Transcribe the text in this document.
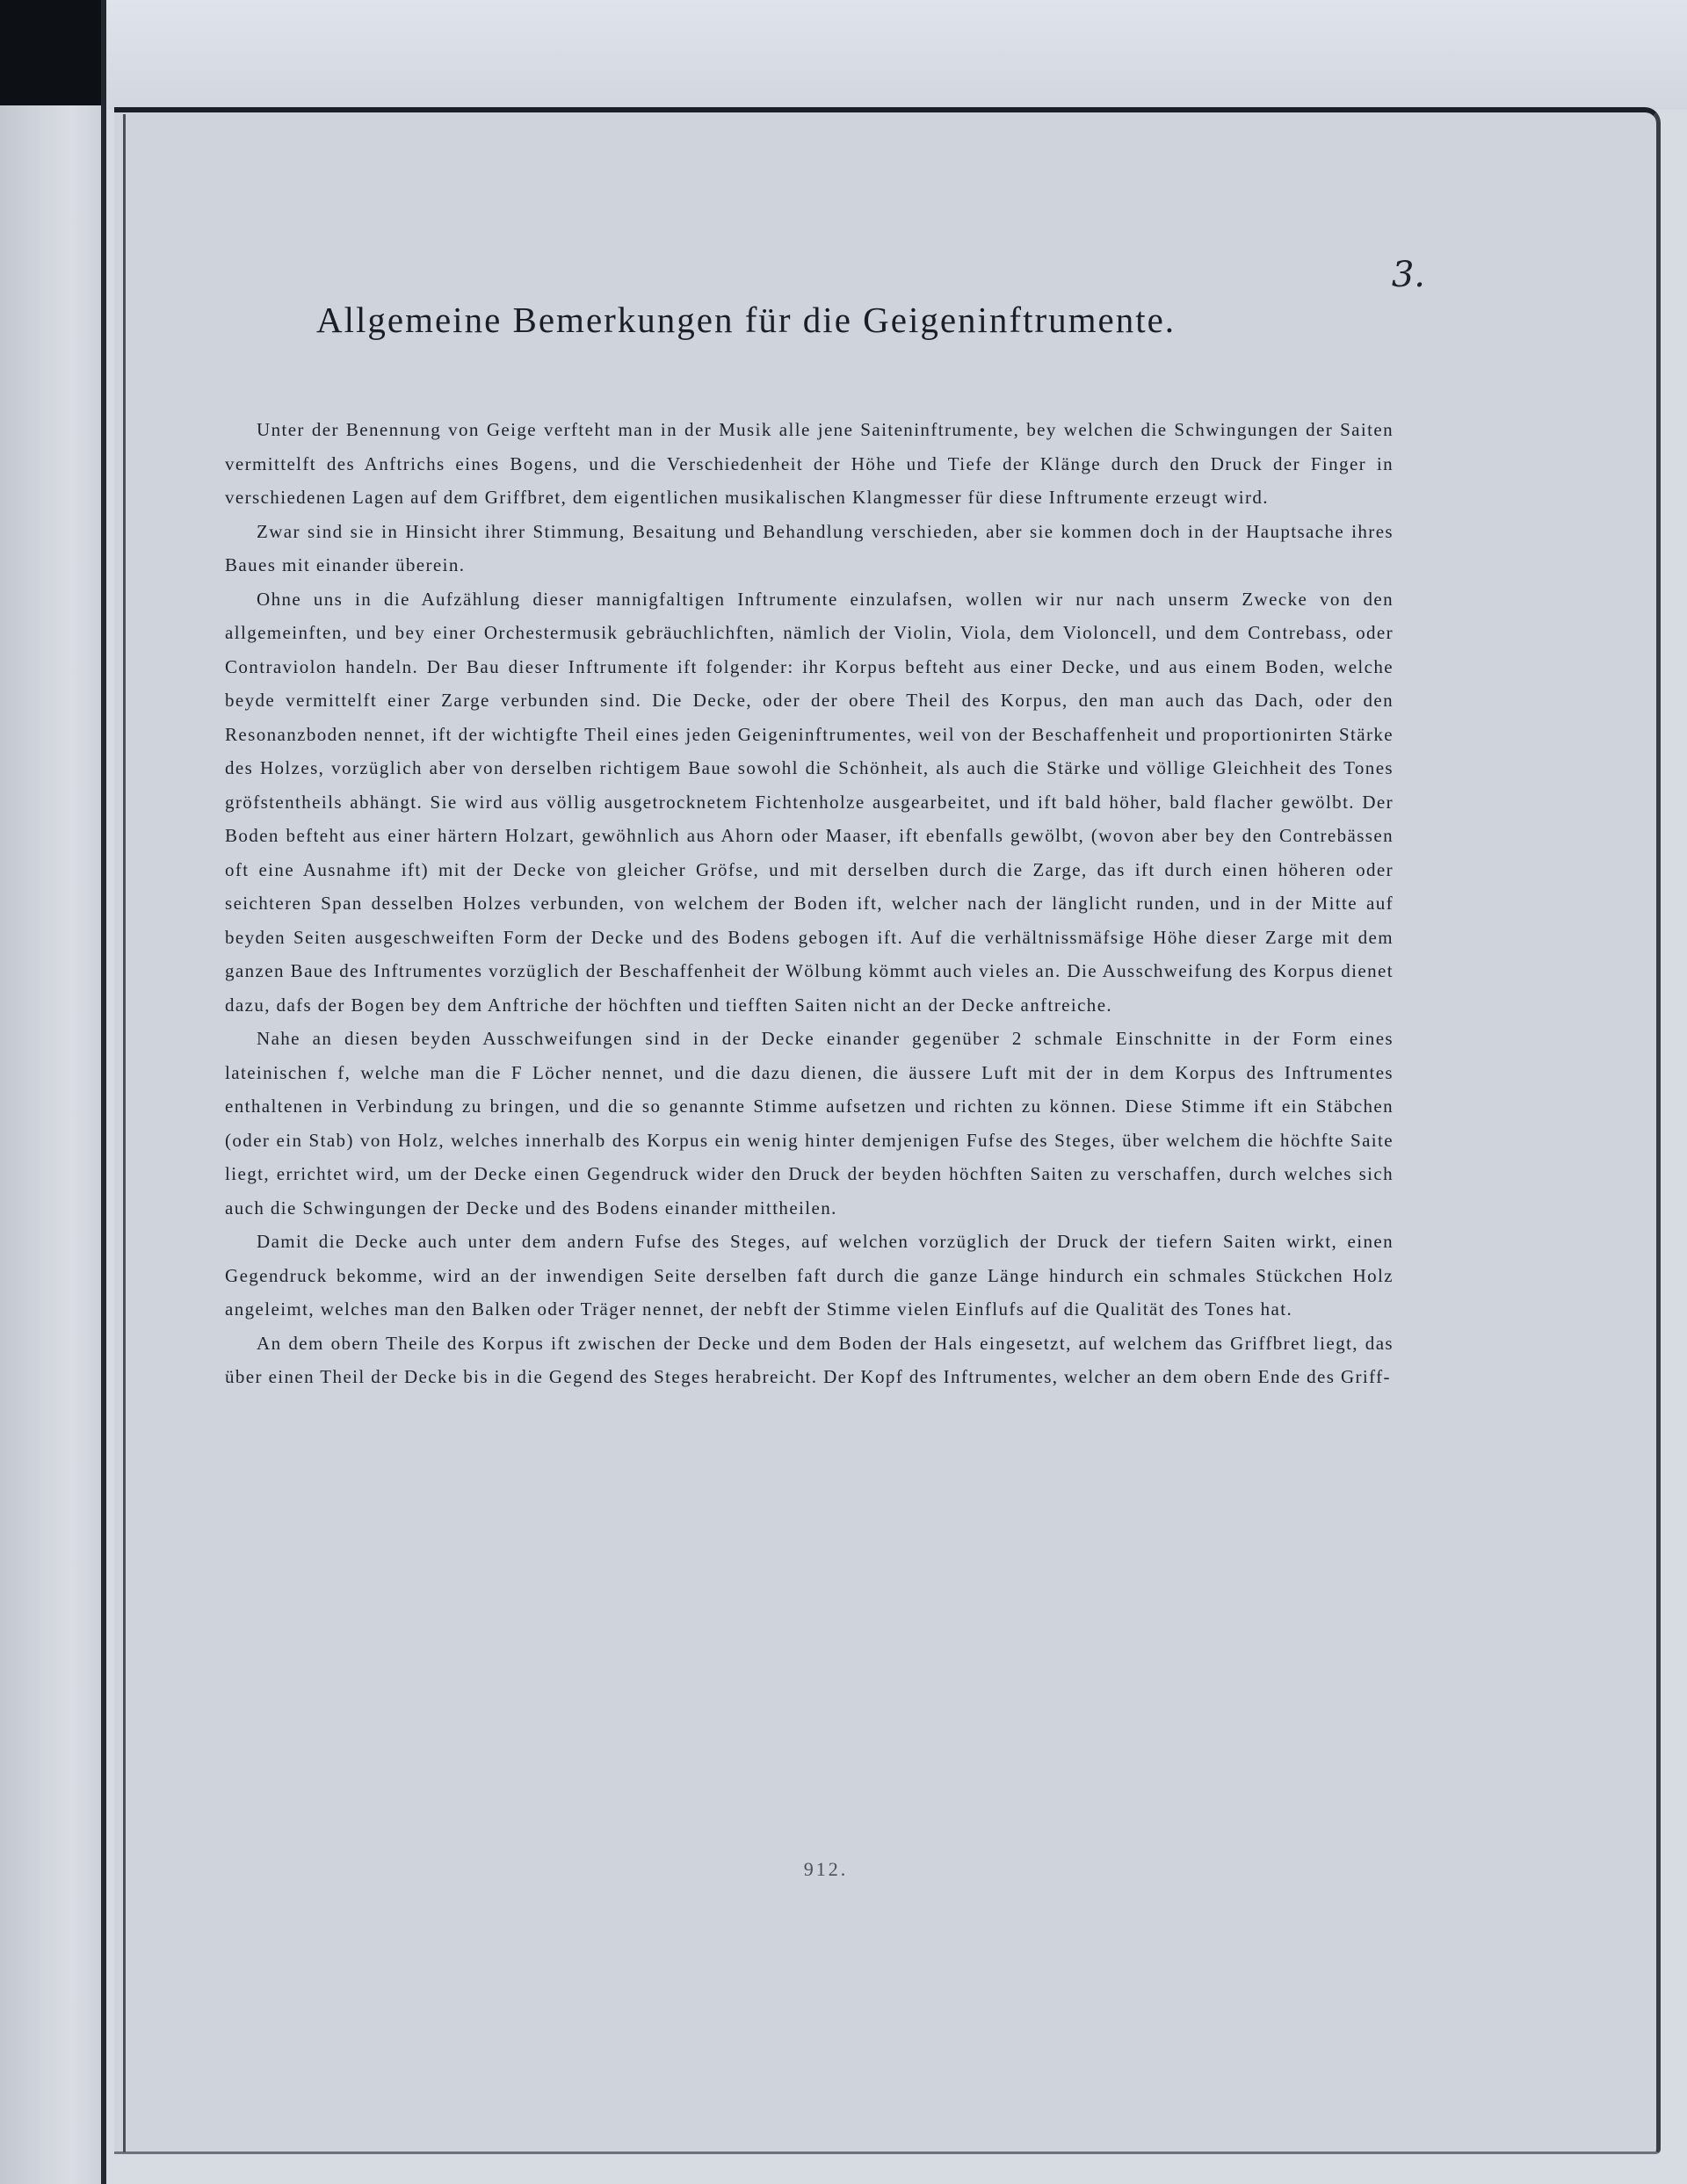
3.
Allgemeine Bemerkungen für die Geigeninftrumente.

Unter der Benennung von Geige verfteht man in der Musik alle jene Saiteninftrumente, bey welchen die Schwingungen der Saiten vermittelft des Anftrichs eines Bogens, und die Verschiedenheit der Höhe und Tiefe der Klänge durch den Druck der Finger in verschiedenen Lagen auf dem Griffbret, dem eigentlichen musikalischen Klangmesser für diese Inftrumente erzeugt wird.

Zwar sind sie in Hinsicht ihrer Stimmung, Besaitung und Behandlung verschieden, aber sie kommen doch in der Hauptsache ihres Baues mit einander überein.

Ohne uns in die Aufzählung dieser mannigfaltigen Inftrumente einzulafsen, wollen wir nur nach unserm Zwecke von den allgemeinften, und bey einer Orchestermusik gebräuchlichften, nämlich der Violin, Viola, dem Violoncell, und dem Contrebass, oder Contraviolon handeln. Der Bau dieser Inftrumente ift folgender: ihr Korpus befteht aus einer Decke, und aus einem Boden, welche beyde vermittelft einer Zarge verbunden sind. Die Decke, oder der obere Theil des Korpus, den man auch das Dach, oder den Resonanzboden nennet, ift der wichtigfte Theil eines jeden Geigeninftrumentes, weil von der Beschaffenheit und proportionirten Stärke des Holzes, vorzüglich aber von derselben richtigem Baue sowohl die Schönheit, als auch die Stärke und völlige Gleichheit des Tones gröfstentheils abhängt. Sie wird aus völlig ausgetrocknetem Fichtenholze ausgearbeitet, und ift bald höher, bald flacher gewölbt. Der Boden befteht aus einer härtern Holzart, gewöhnlich aus Ahorn oder Maaser, ift ebenfalls gewölbt, (wovon aber bey den Contrebässen oft eine Ausnahme ift) mit der Decke von gleicher Gröfse, und mit derselben durch die Zarge, das ift durch einen höheren oder seichteren Span desselben Holzes verbunden, von welchem der Boden ift, welcher nach der länglicht runden, und in der Mitte auf beyden Seiten ausgeschweiften Form der Decke und des Bodens gebogen ift. Auf die verhältnissmäfsige Höhe dieser Zarge mit dem ganzen Baue des Inftrumentes vorzüglich der Beschaffenheit der Wölbung kömmt auch vieles an. Die Ausschweifung des Korpus dienet dazu, dafs der Bogen bey dem Anftriche der höchften und tiefften Saiten nicht an der Decke anftreiche.

Nahe an diesen beyden Ausschweifungen sind in der Decke einander gegenüber 2 schmale Einschnitte in der Form eines lateinischen f, welche man die F Löcher nennet, und die dazu dienen, die äussere Luft mit der in dem Korpus des Inftrumentes enthaltenen in Verbindung zu bringen, und die so genannte Stimme aufsetzen und richten zu können. Diese Stimme ift ein Stäbchen (oder ein Stab) von Holz, welches innerhalb des Korpus ein wenig hinter demjenigen Fufse des Steges, über welchem die höchfte Saite liegt, errichtet wird, um der Decke einen Gegendruck wider den Druck der beyden höchften Saiten zu verschaffen, durch welches sich auch die Schwingungen der Decke und des Bodens einander mittheilen.

Damit die Decke auch unter dem andern Fufse des Steges, auf welchen vorzüglich der Druck der tiefern Saiten wirkt, einen Gegendruck bekomme, wird an der inwendigen Seite derselben faft durch die ganze Länge hindurch ein schmales Stückchen Holz angeleimt, welches man den Balken oder Träger nennet, der nebft der Stimme vielen Einflufs auf die Qualität des Tones hat.

An dem obern Theile des Korpus ift zwischen der Decke und dem Boden der Hals eingesetzt, auf welchem das Griffbret liegt, das über einen Theil der Decke bis in die Gegend des Steges herabreicht. Der Kopf des Inftrumentes, welcher an dem obern Ende des Griff-

912.
